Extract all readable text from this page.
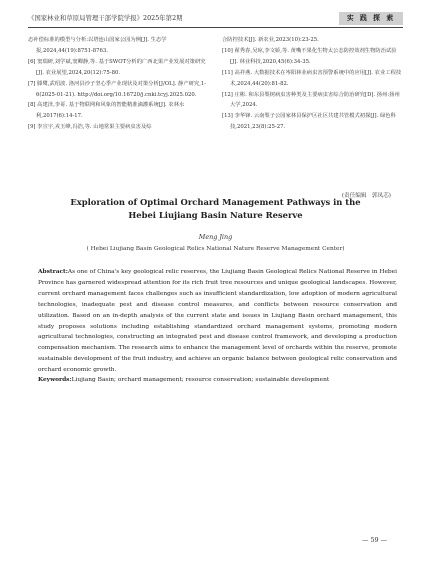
《国家林业和草原局管理干部学院学报》2025年第2期	实 践 探 索

态补偿标准的模型与分析:以塔连山国家公园为例[J]. 生态学报,2024,44(19):8751-8763.

[6] 窦瑞研,刘学斌,窦卿静,等. 基于SWOT分析的广西北果产业发展对策研究[J]. 农业展望,2024,20(12):75-80.

[7] 滕鹭,武绍波. 洛河县沙子坚心季产业现状及对策分析[J/OL]. 静产研究,1-6(2025-01-21). http://doi.org/10.16720/j.cnki.tcyj.2025.020.

[8] 高建泽,李哥. 基于物联网和风象的智能精准滴灌系统[J]. 农林水利,2017(6):14-17.

[9] 李宣宇,戎玉峰,冯浩,等. 山地常果主要病虫害及综

合防控技术[J]. 新农业,2023(10):23-25.

[10] 翟秀春,吴琼,李文娇,等. 黄嘴不果化生物太公态防控效剂生物防治试验[J]. 林业科技,2020,45(6):34-35.

[11] 高祥燕. 大数据技术在岑阳林业病虫害预警系统中的应用[J]. 农业工程技术,2024,44(20):81-82.

[12] 庄彬. 和东县梨树病虫害种类及主要病虫害综合防治研究[D]. 扬州:扬州大学,2024.

[13] 李华锋. 云南梨子公园家林县保护区社区共建共管模式初探[J]. 绿色科技,2021,23(8):25-27.

(责任编辑　郭凤芯)
Exploration of Optimal Orchard Management Pathways in the
Hebei Liujiang Basin Nature Reserve
Meng Jing
( Hebei Liujiang Basin Geological Relics National Nature Reserve Management Center)
Abstract:As one of China's key geological relic reserves, the Liujiang Basin Geological Relics National Reserve in Hebei Province has garnered widespread attention for its rich fruit tree resources and unique geological landscapes. However, current orchard management faces challenges such as insufficient standardization, low adoption of modern agricultural technologies, inadequate pest and disease control measures, and conflicts between resource conservation and utilization. Based on an in-depth analysis of the current state and issues in Liujiang Basin orchard management, this study proposes solutions including establishing standardized orchard management systems, promoting modern agricultural technologies, constructing an integrated pest and disease control framework, and developing a production compensation mechanism. The research aims to enhance the management level of orchards within the reserve, promote sustainable development of the fruit industry, and achieve an organic balance between geological relic conservation and orchard economic growth.
Keywords:Liujiang Basin; orchard management; resource conservation; sustainable development
— 59 —
